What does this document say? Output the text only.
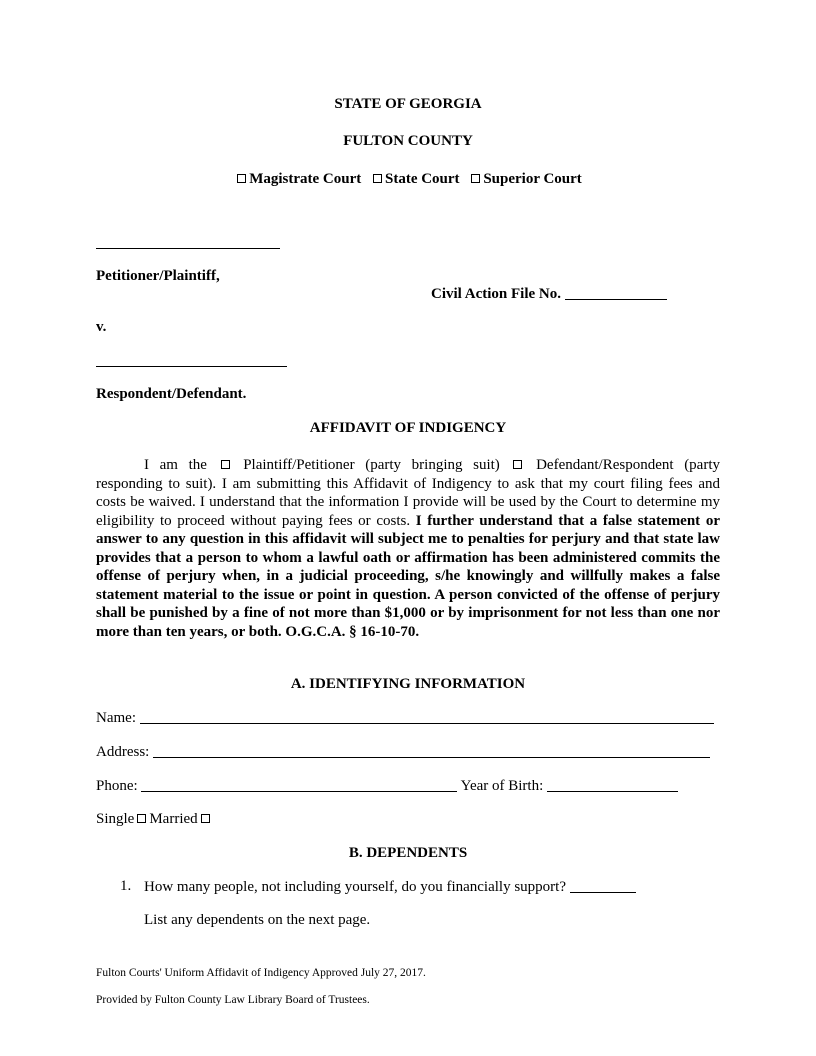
STATE OF GEORGIA
FULTON COUNTY
Magistrate Court State Court Superior Court
Petitioner/Plaintiff,
Civil Action File No.
v.
Respondent/Defendant.
AFFIDAVIT OF INDIGENCY

I am the Plaintiff/Petitioner (party bringing suit) Defendant/Respondent (party responding to suit). I am submitting this Affidavit of Indigency to ask that my court filing fees and costs be waived. I understand that the information I provide will be used by the Court to determine my eligibility to proceed without paying fees or costs. I further understand that a false statement or answer to any question in this affidavit will subject me to penalties for perjury and that state law provides that a person to whom a lawful oath or affirmation has been administered commits the offense of perjury when, in a judicial proceeding, s/he knowingly and willfully makes a false statement material to the issue or point in question. A person convicted of the offense of perjury shall be punished by a fine of not more than $1,000 or by imprisonment for not less than one nor more than ten years, or both. O.G.C.A. § 16-10-70.

A. IDENTIFYING INFORMATION
Name:
Address:
Phone:	Year of Birth:
Single Married
B. DEPENDENTS
1. How many people, not including yourself, do you financially support?
List any dependents on the next page.
Fulton Courts' Uniform Affidavit of Indigency Approved July 27, 2017.
Provided by Fulton County Law Library Board of Trustees.
